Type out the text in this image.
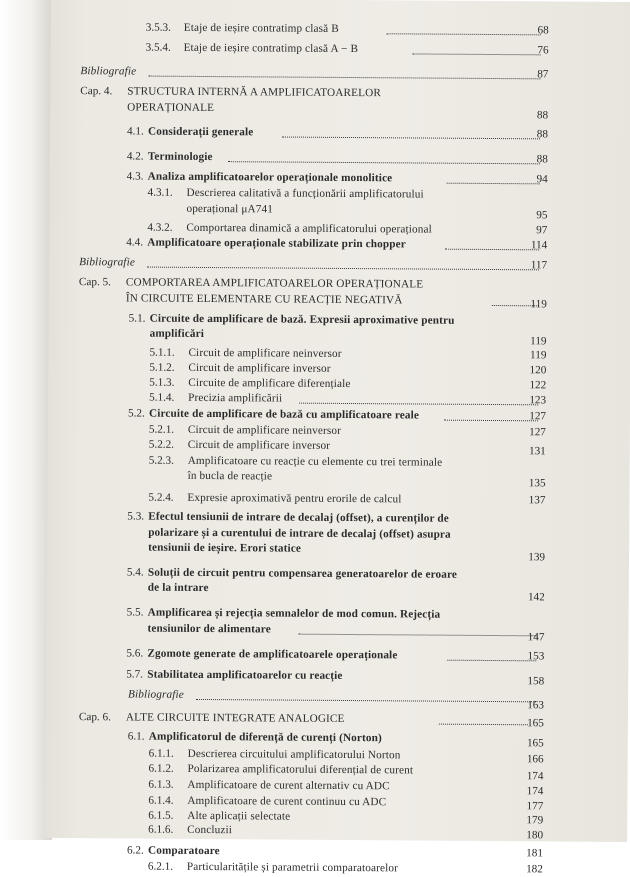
3.5.3. Etaje de ieșire contratimp clasă B	68
3.5.4. Etaje de ieșire contratimp clasă A − B	76
Bibliografie	87
Cap. 4. STRUCTURA INTERNĂ A AMPLIFICATOARELOR
OPERAȚIONALE
88
4.1. Considerații generale	88
4.2. Terminologie	88
4.3. Analiza amplificatoarelor operaționale monolitice	94
4.3.1. Descrierea calitativă a funcționării amplificatorului
operațional μA741	95
4.3.2. Comportarea dinamică a amplificatorului operațional	97
4.4. Amplificatoare operaționale stabilizate prin chopper	114
Bibliografie	117
Cap. 5. COMPORTAREA AMPLIFICATOARELOR OPERAȚIONALE
ÎN CIRCUITE ELEMENTARE CU REACȚIE NEGATIVĂ	119
5.1. Circuite de amplificare de bază. Expresii aproximative pentru
amplificări
119
5.1.1. Circuit de amplificare neinversor	119
5.1.2. Circuit de amplificare inversor	120
5.1.3. Circuite de amplificare diferențiale	122
5.1.4. Precizia amplificării	123
5.2. Circuite de amplificare de bază cu amplificatoare reale	127
5.2.1. Circuit de amplificare neinversor	127
5.2.2. Circuit de amplificare inversor	131
5.2.3. Amplificatoare cu reacție cu elemente cu trei terminale
în bucla de reacție
135
5.2.4. Expresie aproximativă pentru erorile de calcul	137
5.3. Efectul tensiunii de intrare de decalaj (offset), a curenților de
polarizare și a curentului de intrare de decalaj (offset) asupra
tensiunii de ieșire. Erori statice
139
5.4. Soluții de circuit pentru compensarea generatoarelor de eroare
de la intrare
142
5.5. Amplificarea și rejecția semnalelor de mod comun. Rejecția
tensiunilor de alimentare
147
5.6. Zgomote generate de amplificatoarele operaționale	153
5.7. Stabilitatea amplificatoarelor cu reacție	158
Bibliografie
163
Cap. 6. ALTE CIRCUITE INTEGRATE ANALOGICE	165
6.1. Amplificatorul de diferență de curenți (Norton)	165
6.1.1. Descrierea circuitului amplificatorului Norton	166
6.1.2. Polarizarea amplificatorului diferențial de curent	174
6.1.3. Amplificatoare de curent alternativ cu ADC	174
6.1.4. Amplificatoare de curent continuu cu ADC	177
6.1.5. Alte aplicații selectate	179
6.1.6. Concluzii	180
6.2. Comparatoare	181
6.2.1. Particularitățile și parametrii comparatoarelor	182
